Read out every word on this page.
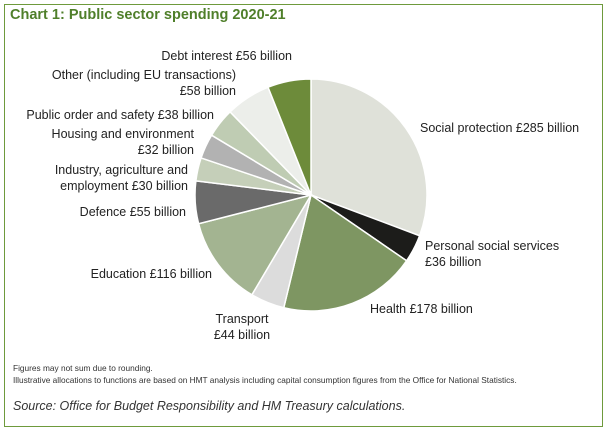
Chart 1: Public sector spending 2020-21
Social protection £285 billion
Personal social services £36 billion
Health £178 billion
Transport £44 billion
Education £116 billion
Defence £55 billion
Industry, agriculture and employment £30 billion
Housing and environment £32 billion
Public order and safety £38 billion
Other (including EU transactions) £58 billion
Debt interest £56 billion
Figures may not sum due to rounding.
Illustrative allocations to functions are based on HMT analysis including capital consumption figures from the Office for National Statistics.
Source: Office for Budget Responsibility and HM Treasury calculations.
